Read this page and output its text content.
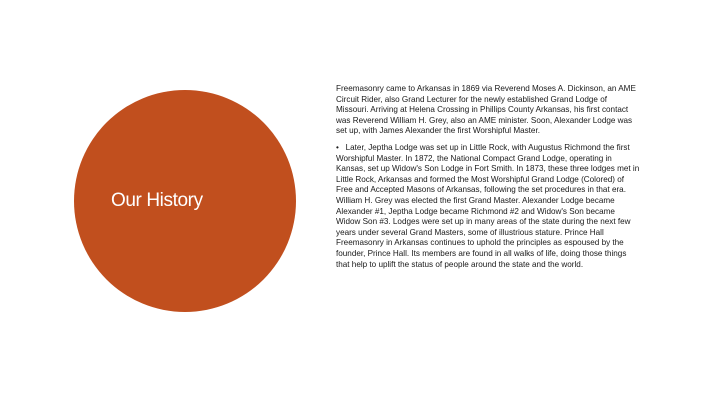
Our History

Freemasonry came to Arkansas in 1869 via Reverend Moses A. Dickinson, an AME Circuit Rider, also Grand Lecturer for the newly established Grand Lodge of Missouri. Arriving at Helena Crossing in Phillips County Arkansas, his first contact was Reverend William H. Grey, also an AME minister. Soon, Alexander Lodge was set up, with James Alexander the first Worshipful Master.

• Later, Jeptha Lodge was set up in Little Rock, with Augustus Richmond the first Worshipful Master. In 1872, the National Compact Grand Lodge, operating in Kansas, set up Widow's Son Lodge in Fort Smith. In 1873, these three lodges met in Little Rock, Arkansas and formed the Most Worshipful Grand Lodge (Colored) of Free and Accepted Masons of Arkansas, following the set procedures in that era. William H. Grey was elected the first Grand Master. Alexander Lodge became Alexander #1, Jeptha Lodge became Richmond #2 and Widow's Son became Widow Son #3. Lodges were set up in many areas of the state during the next few years under several Grand Masters, some of illustrious stature. Prince Hall Freemasonry in Arkansas continues to uphold the principles as espoused by the founder, Prince Hall. Its members are found in all walks of life, doing those things that help to uplift the status of people around the state and the world.
